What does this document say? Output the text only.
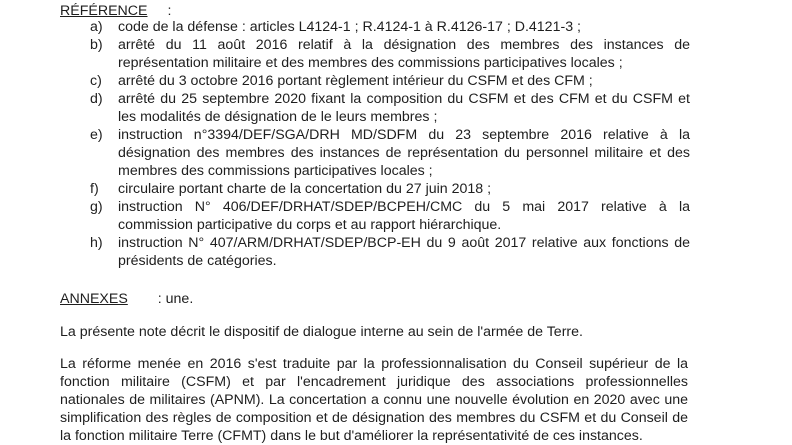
RÉFÉRENCE :
a)	code de la défense : articles L4124-1 ; R.4124-1 à R.4126-17 ; D.4121-3 ;
b)	arrêté du 11 août 2016 relatif à la désignation des membres des instances de représentation militaire et des membres des commissions participatives locales ;
c)	arrêté du 3 octobre 2016 portant règlement intérieur du CSFM et des CFM ;
d)	arrêté du 25 septembre 2020 fixant la composition du CSFM et des CFM et du CSFM et les modalités de désignation de le leurs membres ;
e)	instruction n°3394/DEF/SGA/DRH MD/SDFM du 23 septembre 2016 relative à la désignation des membres des instances de représentation du personnel militaire et des membres des commissions participatives locales ;
f)	circulaire portant charte de la concertation du 27 juin 2018 ;
g)	instruction N° 406/DEF/DRHAT/SDEP/BCPEH/CMC du 5 mai 2017 relative à la commission participative du corps et au rapport hiérarchique.
h)	instruction N° 407/ARM/DRHAT/SDEP/BCP-EH du 9 août 2017 relative aux fonctions de présidents de catégories.
ANNEXES : une.
La présente note décrit le dispositif de dialogue interne au sein de l'armée de Terre.
La réforme menée en 2016 s'est traduite par la professionnalisation du Conseil supérieur de la fonction militaire (CSFM) et par l'encadrement juridique des associations professionnelles nationales de militaires (APNM). La concertation a connu une nouvelle évolution en 2020 avec une simplification des règles de composition et de désignation des membres du CSFM et du Conseil de la fonction militaire Terre (CFMT) dans le but d'améliorer la représentativité de ces instances.
